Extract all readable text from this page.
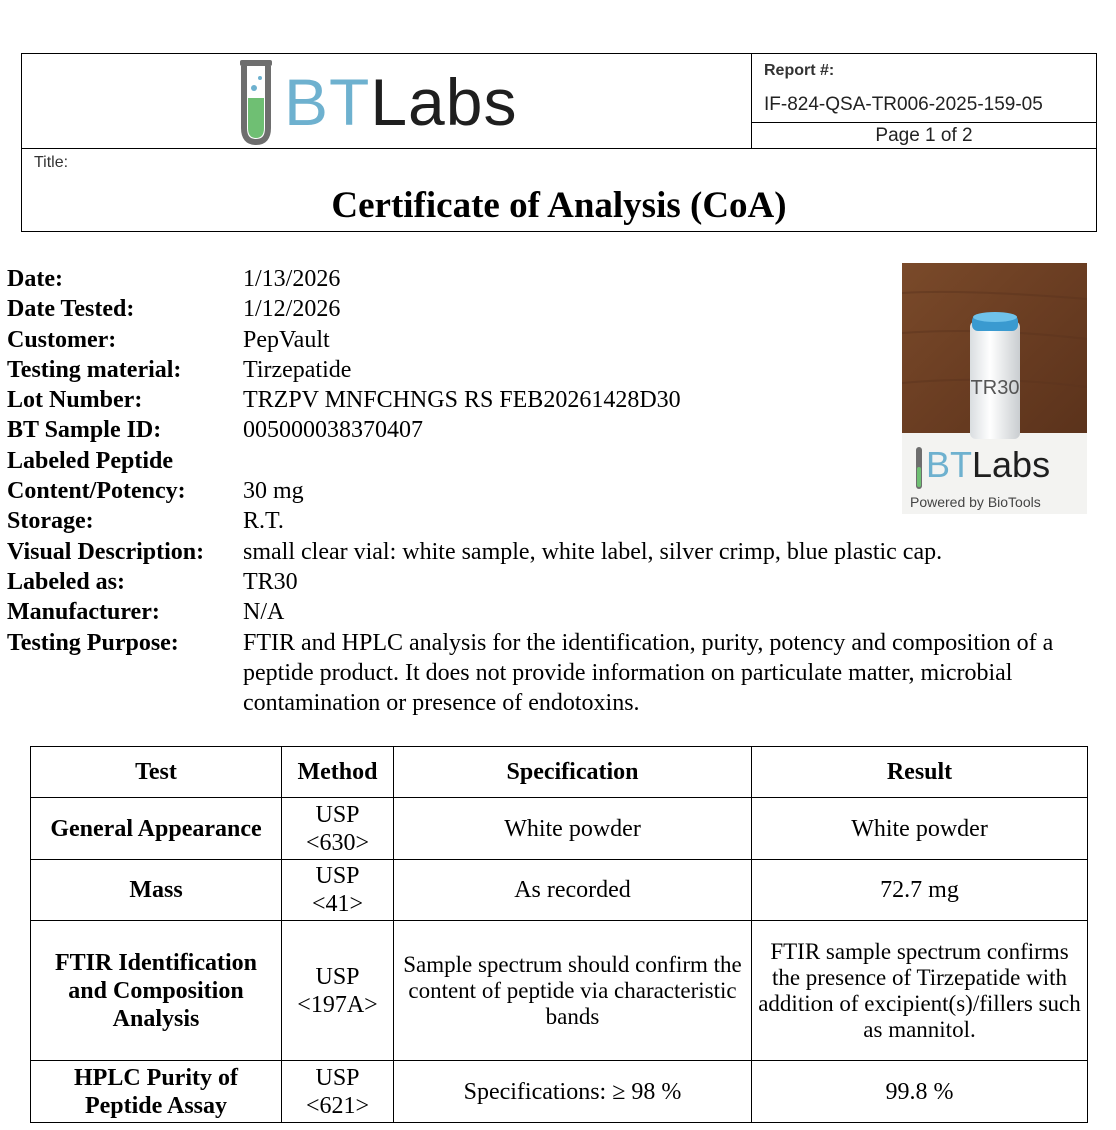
BTLabs	Report #:
IF-824-QSA-TR006-2025-159-05
Page 1 of 2
Title:
Certificate of Analysis (CoA)
Date:	1/13/2026
Date Tested:	1/12/2026
Customer:	PepVault
Testing material:	Tirzepatide
Lot Number:	TRZPV MNFCHNGS RS FEB20261428D30
BT Sample ID:	005000038370407
Labeled Peptide
Content/Potency:	30 mg
Storage:	R.T.
Visual Description:	small clear vial: white sample, white label, silver crimp, blue plastic cap.
Labeled as:	TR30
Manufacturer:	N/A
Testing Purpose:	FTIR and HPLC analysis for the identification, purity, potency and composition of a peptide product. It does not provide information on particulate matter, microbial contamination or presence of endotoxins.
TR30
BTLabs
Powered by BioTools
Test	Method	Specification	Result
General Appearance	USP <630>	White powder	White powder
Mass	USP <41>	As recorded	72.7 mg
FTIR Identification and Composition Analysis	USP <197A>	Sample spectrum should confirm the content of peptide via characteristic bands	FTIR sample spectrum confirms the presence of Tirzepatide with addition of excipient(s)/fillers such as mannitol.
HPLC Purity of Peptide Assay	USP <621>	Specifications: ≥ 98 %	99.8 %
